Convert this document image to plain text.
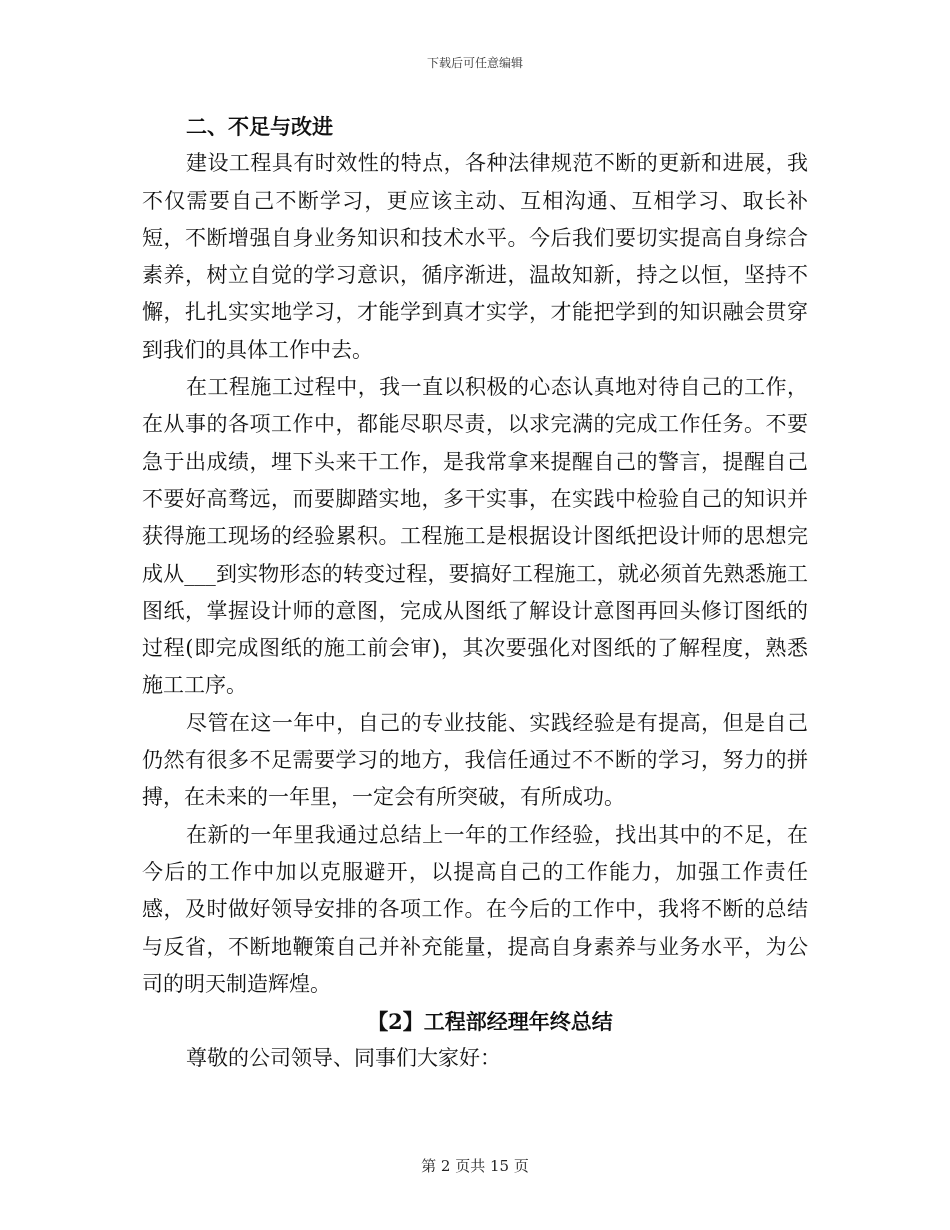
下载后可任意编辑

二、不足与改进

建设工程具有时效性的特点，各种法律规范不断的更新和进展，我不仅需要自己不断学习，更应该主动、互相沟通、互相学习、取长补短，不断增强自身业务知识和技术水平。今后我们要切实提高自身综合素养，树立自觉的学习意识，循序渐进，温故知新，持之以恒，坚持不懈，扎扎实实地学习，才能学到真才实学，才能把学到的知识融会贯穿到我们的具体工作中去。

在工程施工过程中，我一直以积极的心态认真地对待自己的工作，在从事的各项工作中，都能尽职尽责，以求完满的完成工作任务。不要急于出成绩，埋下头来干工作，是我常拿来提醒自己的警言，提醒自己不要好高骛远，而要脚踏实地，多干实事，在实践中检验自己的知识并获得施工现场的经验累积。工程施工是根据设计图纸把设计师的思想完成从___到实物形态的转变过程，要搞好工程施工，就必须首先熟悉施工图纸，掌握设计师的意图，完成从图纸了解设计意图再回头修订图纸的过程(即完成图纸的施工前会审)，其次要强化对图纸的了解程度，熟悉施工工序。

尽管在这一年中，自己的专业技能、实践经验是有提高，但是自己仍然有很多不足需要学习的地方，我信任通过不不断的学习，努力的拼搏，在未来的一年里，一定会有所突破，有所成功。

在新的一年里我通过总结上一年的工作经验，找出其中的不足，在今后的工作中加以克服避开，以提高自己的工作能力，加强工作责任感，及时做好领导安排的各项工作。在今后的工作中，我将不断的总结与反省，不断地鞭策自己并补充能量，提高自身素养与业务水平，为公司的明天制造辉煌。

【2】工程部经理年终总结

尊敬的公司领导、同事们大家好：

第 2 页共 15 页
